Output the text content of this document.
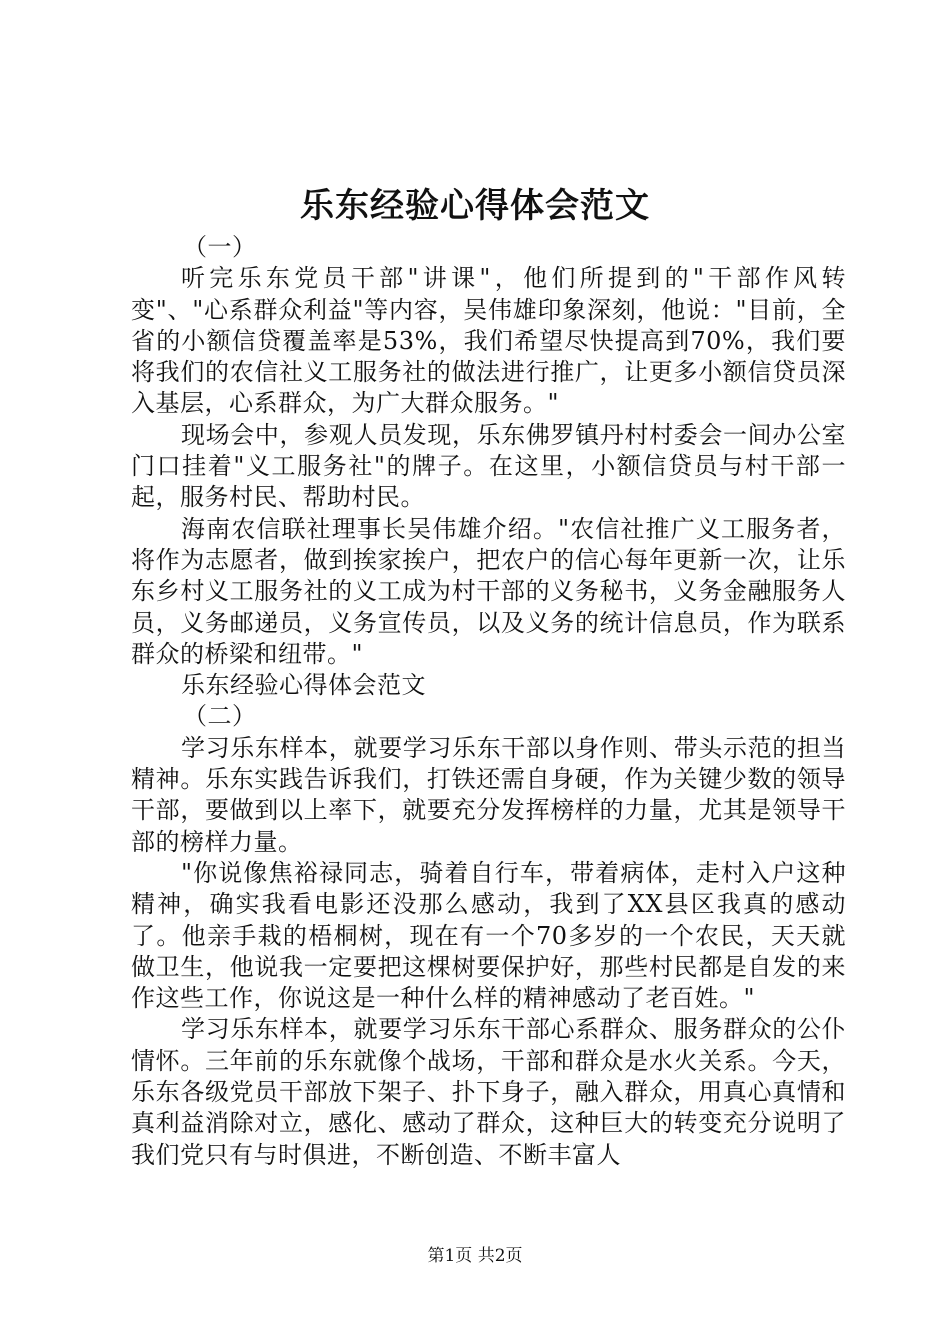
乐东经验心得体会范文

（一）

听完乐东党员干部"讲课"，他们所提到的"干部作风转变"、"心系群众利益"等内容，吴伟雄印象深刻，他说："目前，全省的小额信贷覆盖率是53%，我们希望尽快提高到70%，我们要将我们的农信社义工服务社的做法进行推广，让更多小额信贷员深入基层，心系群众，为广大群众服务。"

现场会中，参观人员发现，乐东佛罗镇丹村村委会一间办公室门口挂着"义工服务社"的牌子。在这里，小额信贷员与村干部一起，服务村民、帮助村民。

海南农信联社理事长吴伟雄介绍。"农信社推广义工服务者，将作为志愿者，做到挨家挨户，把农户的信心每年更新一次，让乐东乡村义工服务社的义工成为村干部的义务秘书，义务金融服务人员，义务邮递员，义务宣传员，以及义务的统计信息员，作为联系群众的桥梁和纽带。"

乐东经验心得体会范文

（二）

学习乐东样本，就要学习乐东干部以身作则、带头示范的担当精神。乐东实践告诉我们，打铁还需自身硬，作为关键少数的领导干部，要做到以上率下，就要充分发挥榜样的力量，尤其是领导干部的榜样力量。

"你说像焦裕禄同志，骑着自行车，带着病体，走村入户这种精神，确实我看电影还没那么感动，我到了XX县区我真的感动了。他亲手栽的梧桐树，现在有一个70多岁的一个农民，天天就做卫生，他说我一定要把这棵树要保护好，那些村民都是自发的来作这些工作，你说这是一种什么样的精神感动了老百姓。"

学习乐东样本，就要学习乐东干部心系群众、服务群众的公仆情怀。三年前的乐东就像个战场，干部和群众是水火关系。今天，乐东各级党员干部放下架子、扑下身子，融入群众，用真心真情和真利益消除对立，感化、感动了群众，这种巨大的转变充分说明了我们党只有与时俱进，不断创造、不断丰富人

第1页 共2页
